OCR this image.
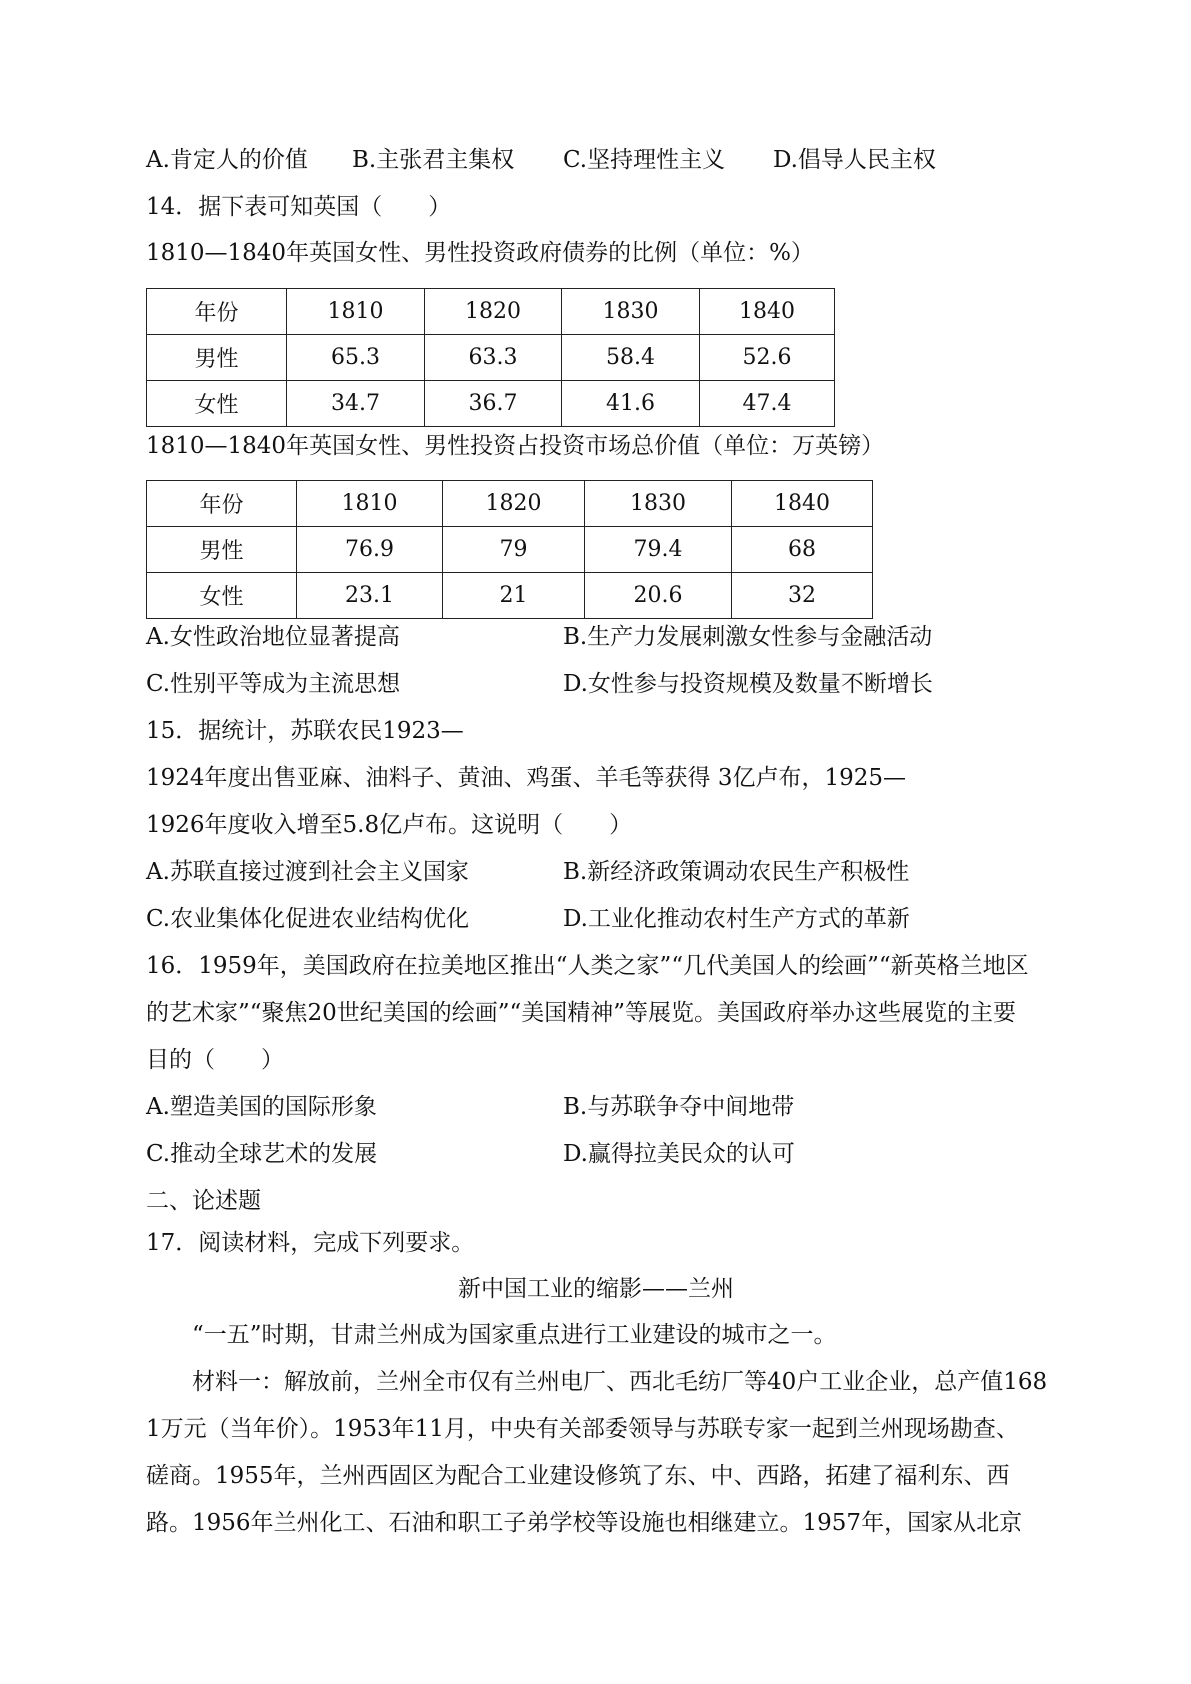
A.肯定人的价值 B.主张君主集权 C.坚持理性主义 D.倡导人民主权
14．据下表可知英国（　　）
1810—1840年英国女性、男性投资政府债券的比例（单位：%）
年份	1810	1820	1830	1840
男性	65.3	63.3	58.4	52.6
女性	34.7	36.7	41.6	47.4
1810—1840年英国女性、男性投资占投资市场总价值（单位：万英镑）
年份	1810	1820	1830	1840
男性	76.9	79	79.4	68
女性	23.1	21	20.6	32
A.女性政治地位显著提高	B.生产力发展刺激女性参与金融活动
C.性别平等成为主流思想	D.女性参与投资规模及数量不断增长
15．据统计，苏联农民1923—
1924年度出售亚麻、油料子、黄油、鸡蛋、羊毛等获得 3亿卢布，1925—
1926年度收入增至5.8亿卢布。这说明（　　）
A.苏联直接过渡到社会主义国家	B.新经济政策调动农民生产积极性
C.农业集体化促进农业结构优化	D.工业化推动农村生产方式的革新
16．1959年，美国政府在拉美地区推出“人类之家”“几代美国人的绘画”“新英格兰地区
的艺术家”“聚焦20世纪美国的绘画”“美国精神”等展览。美国政府举办这些展览的主要
目的（　　）
A.塑造美国的国际形象	B.与苏联争夺中间地带
C.推动全球艺术的发展	D.赢得拉美民众的认可
二、论述题
17．阅读材料，完成下列要求。
新中国工业的缩影——兰州
“一五”时期，甘肃兰州成为国家重点进行工业建设的城市之一。
材料一：解放前，兰州全市仅有兰州电厂、西北毛纺厂等40户工业企业，总产值168
1万元（当年价）。1953年11月，中央有关部委领导与苏联专家一起到兰州现场勘查、
磋商。1955年，兰州西固区为配合工业建设修筑了东、中、西路，拓建了福利东、西
路。1956年兰州化工、石油和职工子弟学校等设施也相继建立。1957年，国家从北京
